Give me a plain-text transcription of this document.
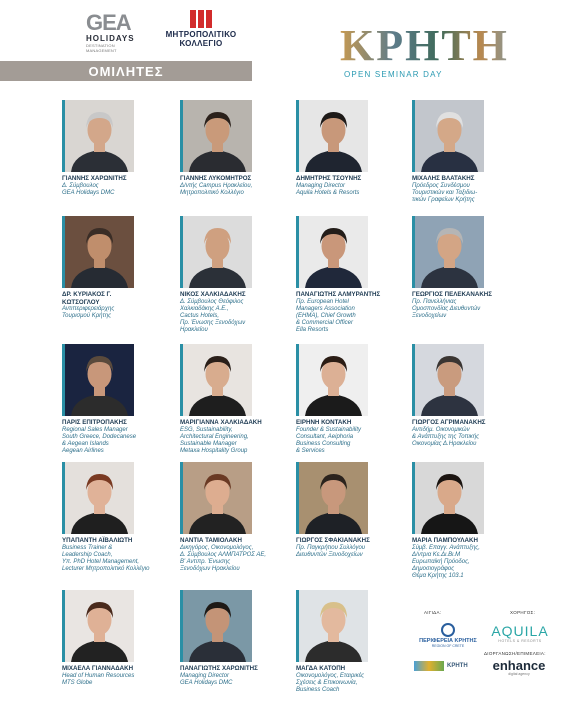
GEA
HOLIDAYS
DESTINATION MANAGEMENT
ΜΗΤΡΟΠΟΛΙΤΙΚΟ
ΚΟΛΛΕΓΙΟ
ΟΜΙΛΗΤΕΣ
ΚΡΗΤΗ
OPEN SEMINAR DAY
ΓΙΑΝΝΗΣ ΧΑΡΩΝΙΤΗΣ
Δ. Σύμβουλος
GEA Holidays DMC
ΓΙΑΝΝΗΣ ΛΥΚΟΜΗΤΡΟΣ
Δ/ντής Campus Ηρακλείου,
Μητροπολιτικό Κολλέγιο
ΔΗΜΗΤΡΗΣ ΤΣΟΥΝΗΣ
Managing Director
Aquila Hotels & Resorts
ΜΙΧΑΛΗΣ ΒΛΑΤΑΚΗΣ
Πρόεδρος Συνδέσμου
Τουριστικών και Ταξιδιω-
τικών Γραφείων Κρήτης
ΔΡ. ΚΥΡΙΑΚΟΣ Γ.
ΚΩΤΣΟΓΛΟΥ
Αντιπεριφερειάρχης
Τουρισμού Κρήτης
ΝΙΚΟΣ ΧΑΛΚΙΑΔΑΚΗΣ
Δ. Σύμβουλος Θεόφιλος
Χαλκιαδάκης Α.Ε.,
Cactus Hotels,
Πρ. Ένωσης Ξενοδόχων
Ηρακλείου
ΠΑΝΑΓΙΩΤΗΣ ΑΛΜΥΡΑΝΤΗΣ
Πρ. European Hotel
Managers Association
(EHMA), Chief Growth
& Commercial Officer
Ella Resorts
ΓΕΩΡΓΙΟΣ ΠΕΛΕΚΑΝΑΚΗΣ
Πρ. Πανελλήνιας
Ομοσπονδίας Διευθυντών
Ξενοδοχείων
ΠΑΡΙΣ ΕΠΙΤΡΟΠΑΚΗΣ
Regional Sales Manager
South Greece, Dodecanese
& Aegean Islands
Aegean Airlines
ΜΑΡΙΓΙΑΝΝΑ ΧΑΛΚΙΑΔΑΚΗ
ESG, Sustainability,
Architectural Engineering,
Sustainable Manager
Metaxa Hospitality Group
ΕΙΡΗΝΗ ΚΟΝΤΑΚΗ
Founder & Sustainability
Consultant, Aeiphoria
Business Consulting
& Services
ΓΙΩΡΓΟΣ ΑΓΡΙΜΑΝΑΚΗΣ
Αντιδήμ. Οικονομικών
& Ανάπτυξης της Τοπικής
Οικονομίας Δ.Ηρακλείου
ΥΠΑΠΑΝΤΗ ΑΪΒΑΛΙΩΤΗ
Business Trainer &
Leadership Coach,
Yπ. PhD Hotel Management,
Lecturer Μητροπολιτικό Κολλέγιο
ΝΑΝΤΙΑ ΤΑΜΙΟΛΑΚΗ
Δικηγόρος, Οικονομολόγος,
Δ. Σύμβουλος ΑΛΜΠΑΤΡΟΣ ΑΕ,
Β' Αντιπρ. Ένωσης
Ξενοδόχων Ηρακλείου
ΓΙΩΡΓΟΣ ΣΦΑΚΙΑΝΑΚΗΣ
Πρ. Παγκρήτιου Συλλόγου
Διευθυντών Ξενοδοχείων
ΜΑΡΙΑ ΠΑΜΠΟΥΛΑΚΗ
Σύμβ. Επαγγ. Ανάπτυξης,
Δ/ντρια Κε.Δι.Βι.Μ
Ευρωπαϊκή Πρόοδος,
Δημοσιογράφος
Θέμα Κρήτης 103.1
ΜΙΧΑΕΛΑ ΓΙΑΝΝΑΔΑΚΗ
Head of Human Resources
MTS Globe
ΠΑΝΑΓΙΩΤΗΣ ΧΑΡΩΝΙΤΗΣ
Managing Director
GEA Holidays DMC
ΜΑΓΔΑ ΚΑΤΟΠΗ
Οικονομολόγος, Εταιρικές
Σχέσεις & Επικοινωνία,
Business Coach
ΑΙΓΙΔΑ:
ΠΕΡΙΦΕΡΕΙΑ ΚΡΗΤΗΣ
REGION OF CRETE
ΧΟΡΗΓΟΣ:
AQUILA
HOTELS & RESORTS
ΚΡΗΤΗ
ΔΙΟΡΓΑΝΩΣΗ/ΕΠΙΜΕΛΕΙΑ:
enhance
digital agency
